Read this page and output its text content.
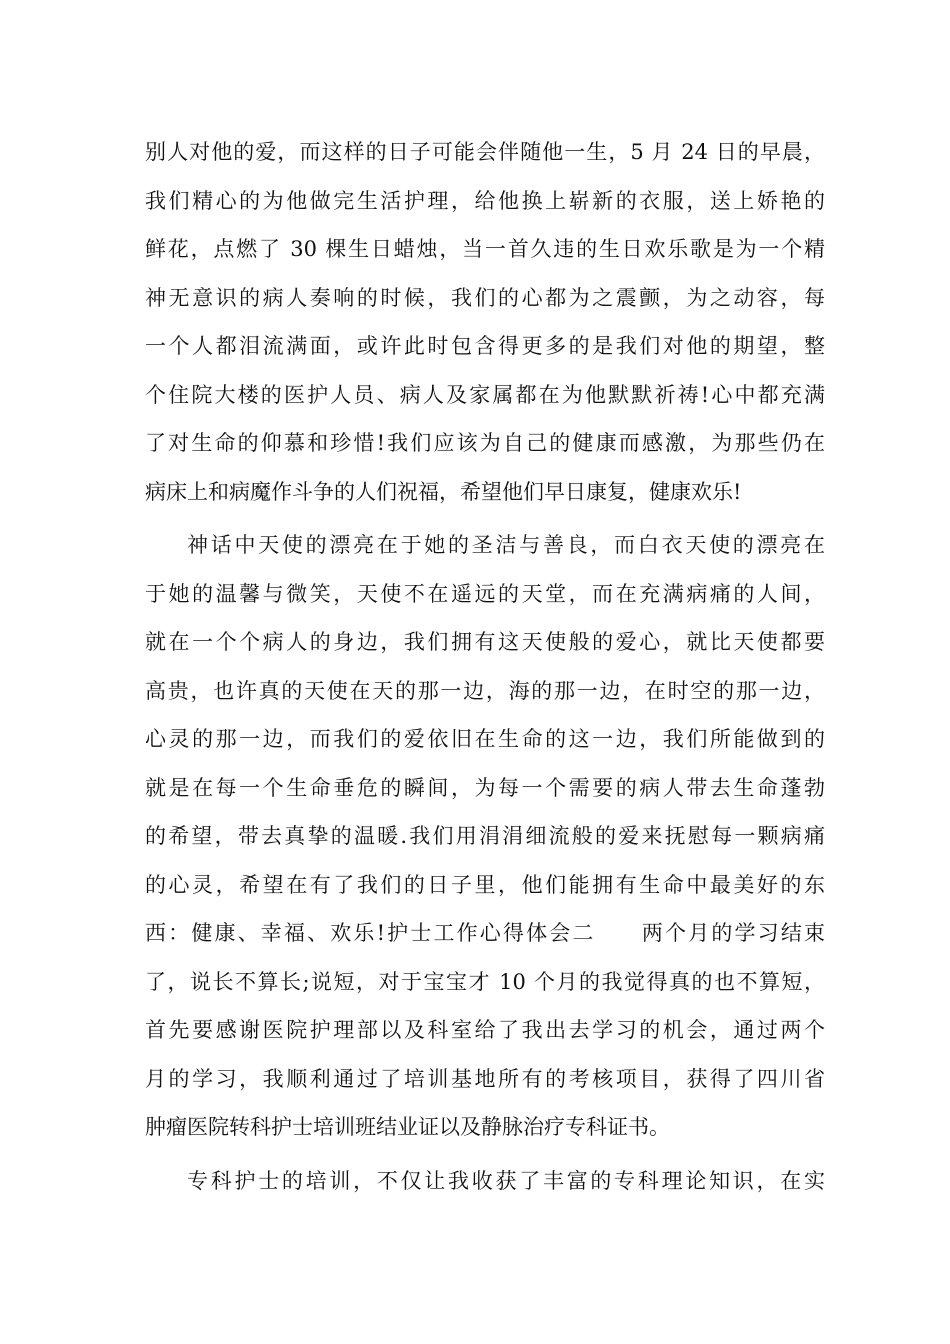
别人对他的爱，而这样的日子可能会伴随他一生，5 月 24 日的早晨，
我们精心的为他做完生活护理，给他换上崭新的衣服，送上娇艳的
鲜花，点燃了 30 棵生日蜡烛，当一首久违的生日欢乐歌是为一个精
神无意识的病人奏响的时候，我们的心都为之震颤，为之动容，每
一个人都泪流满面，或许此时包含得更多的是我们对他的期望，整
个住院大楼的医护人员、病人及家属都在为他默默祈祷!心中都充满
了对生命的仰慕和珍惜!我们应该为自己的健康而感激，为那些仍在
病床上和病魔作斗争的人们祝福，希望他们早日康复，健康欢乐!
神话中天使的漂亮在于她的圣洁与善良，而白衣天使的漂亮在
于她的温馨与微笑，天使不在遥远的天堂，而在充满病痛的人间，
就在一个个病人的身边，我们拥有这天使般的爱心，就比天使都要
高贵，也许真的天使在天的那一边，海的那一边，在时空的那一边，
心灵的那一边，而我们的爱依旧在生命的这一边，我们所能做到的
就是在每一个生命垂危的瞬间，为每一个需要的病人带去生命蓬勃
的希望，带去真挚的温暖.我们用涓涓细流般的爱来抚慰每一颗病痛
的心灵，希望在有了我们的日子里，他们能拥有生命中最美好的东
西：健康、幸福、欢乐!护士工作心得体会二　　两个月的学习结束
了，说长不算长;说短，对于宝宝才 10 个月的我觉得真的也不算短，
首先要感谢医院护理部以及科室给了我出去学习的机会，通过两个
月的学习，我顺利通过了培训基地所有的考核项目，获得了四川省
肿瘤医院转科护士培训班结业证以及静脉治疗专科证书。
专科护士的培训，不仅让我收获了丰富的专科理论知识，在实
